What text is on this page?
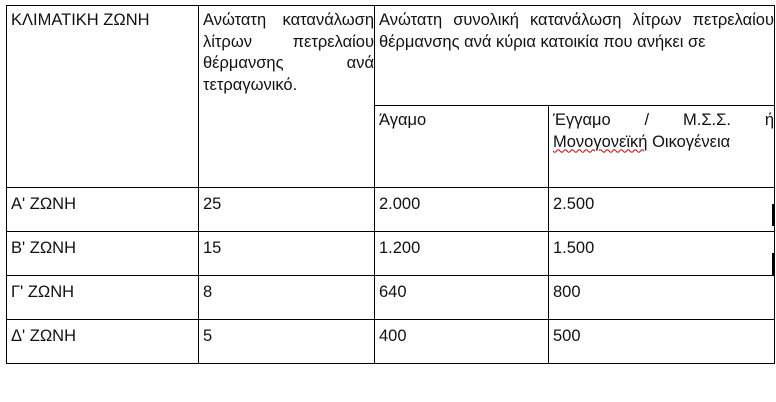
ΚΛΙΜΑΤΙΚΗ ΖΩΝΗ	Ανώτατη κατανάλωση λίτρων πετρελαίου θέρμανσης ανά τετραγωνικό.	Ανώτατη συνολική κατανάλωση λίτρων πετρελαίου θέρμανσης ανά κύρια κατοικία που ανήκει σε	
		Άγαμο	Έγγαμο / Μ.Σ.Σ. ή Μονογονεϊκή Οικογένεια
Α' ΖΩΝΗ	25	2.000	2.500
Β' ΖΩΝΗ	15	1.200	1.500
Γ' ΖΩΝΗ	8	640	800
Δ' ΖΩΝΗ	5	400	500
